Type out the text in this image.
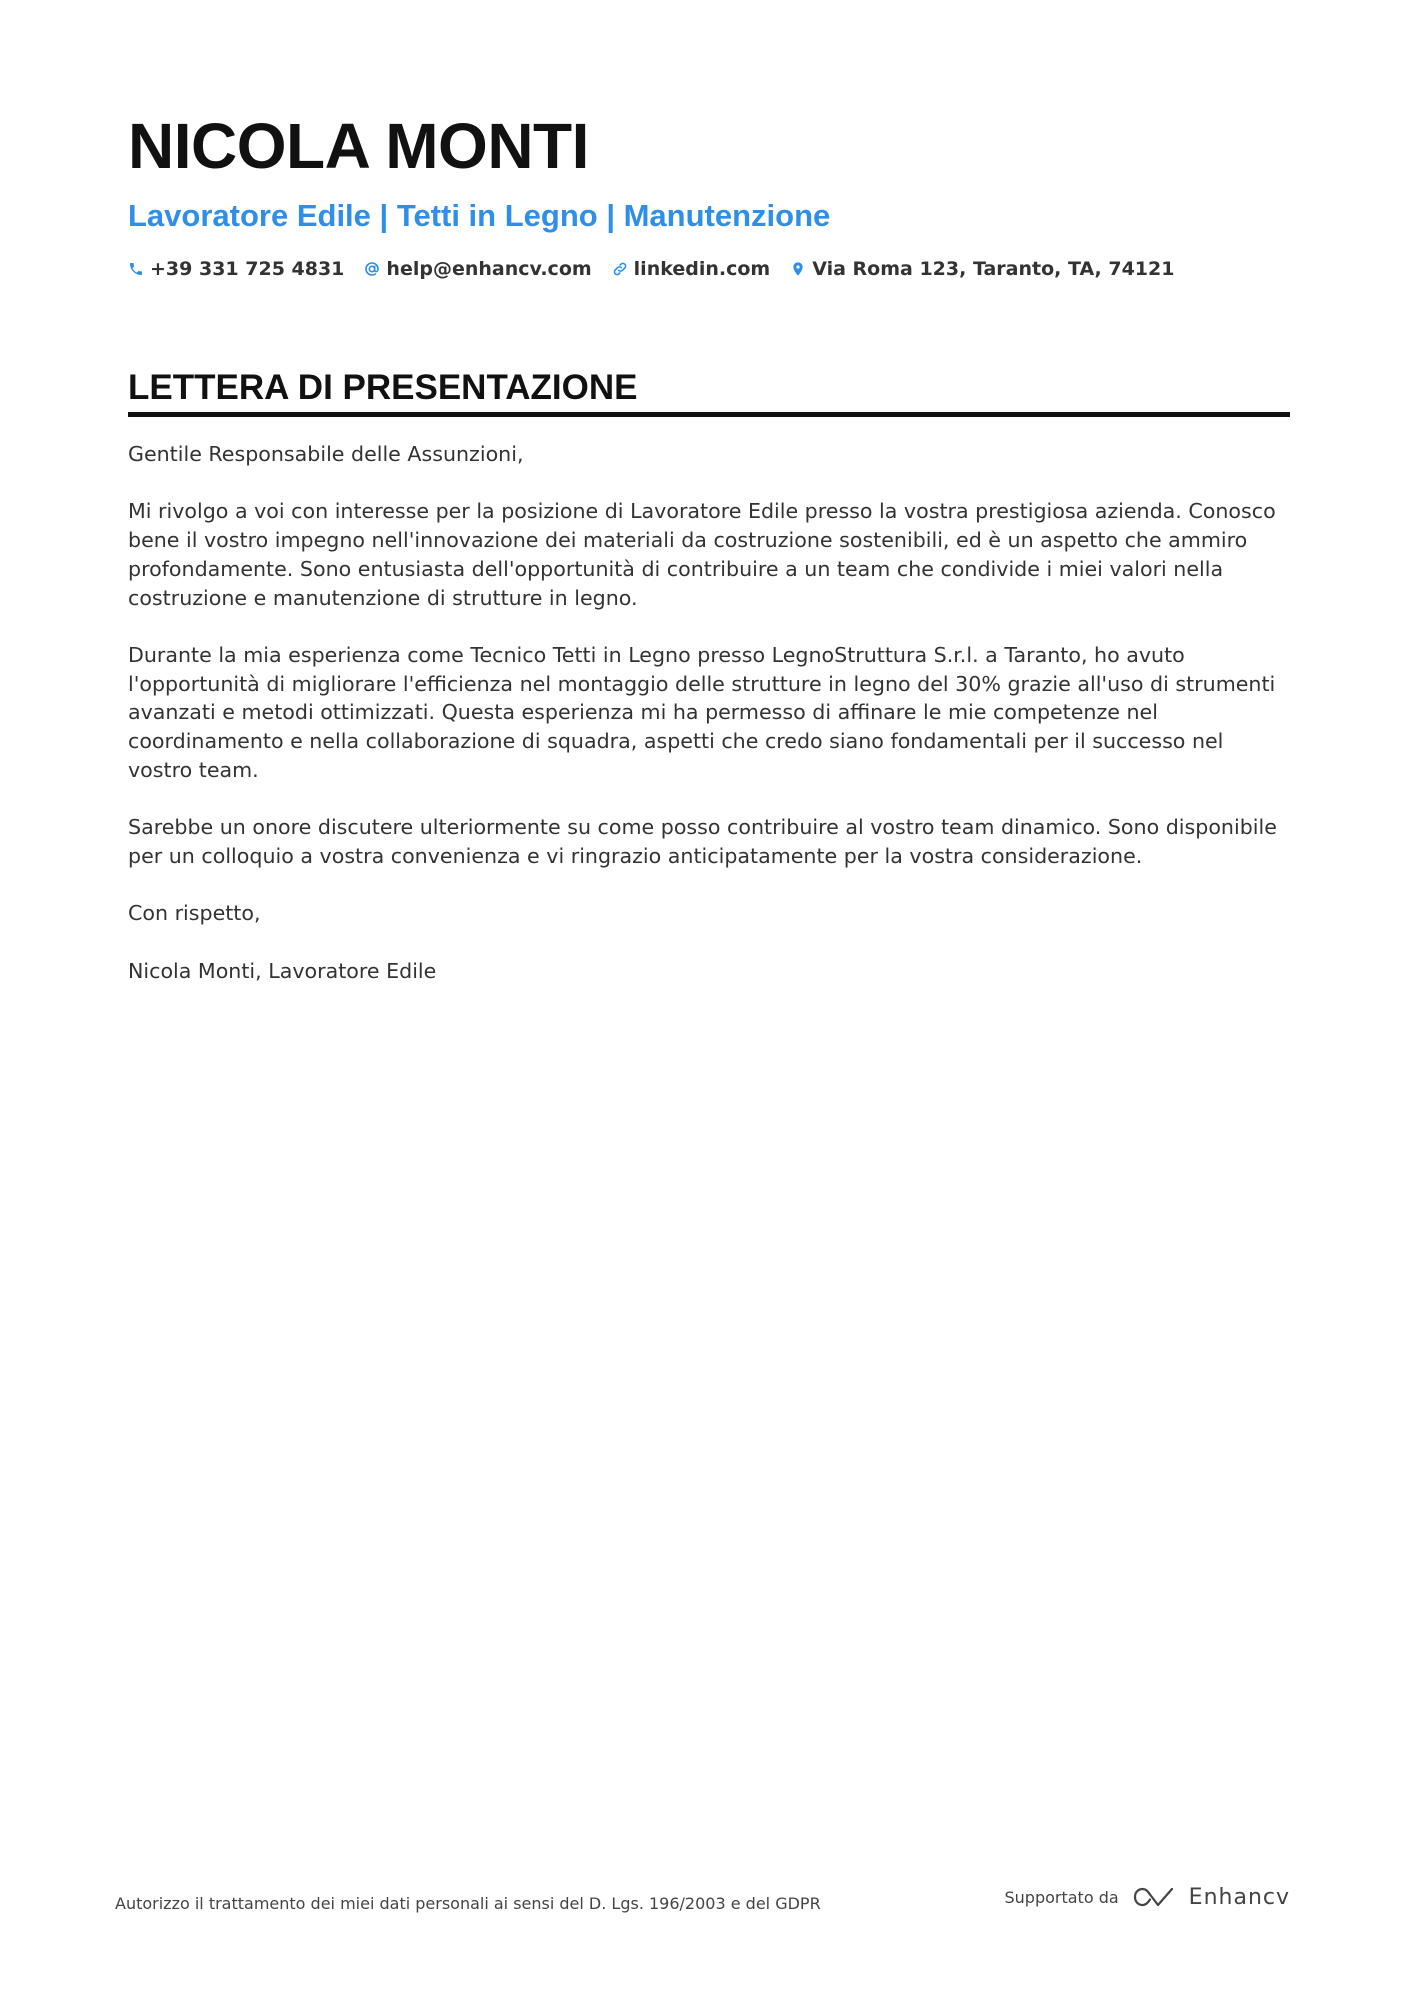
NICOLA MONTI
Lavoratore Edile | Tetti in Legno | Manutenzione
+39 331 725 4831 help@enhancv.com linkedin.com Via Roma 123, Taranto, TA, 74121
LETTERA DI PRESENTAZIONE

Gentile Responsabile delle Assunzioni,

Mi rivolgo a voi con interesse per la posizione di Lavoratore Edile presso la vostra prestigiosa azienda. Conosco bene il vostro impegno nell'innovazione dei materiali da costruzione sostenibili, ed è un aspetto che ammiro profondamente. Sono entusiasta dell'opportunità di contribuire a un team che condivide i miei valori nella costruzione e manutenzione di strutture in legno.

Durante la mia esperienza come Tecnico Tetti in Legno presso LegnoStruttura S.r.l. a Taranto, ho avuto l'opportunità di migliorare l'efficienza nel montaggio delle strutture in legno del 30% grazie all'uso di strumenti avanzati e metodi ottimizzati. Questa esperienza mi ha permesso di affinare le mie competenze nel coordinamento e nella collaborazione di squadra, aspetti che credo siano fondamentali per il successo nel vostro team.

Sarebbe un onore discutere ulteriormente su come posso contribuire al vostro team dinamico. Sono disponibile per un colloquio a vostra convenienza e vi ringrazio anticipatamente per la vostra considerazione.

Con rispetto,

Nicola Monti, Lavoratore Edile

Autorizzo il trattamento dei miei dati personali ai sensi del D. Lgs. 196/2003 e del GDPR	Supportato da	Enhancv
